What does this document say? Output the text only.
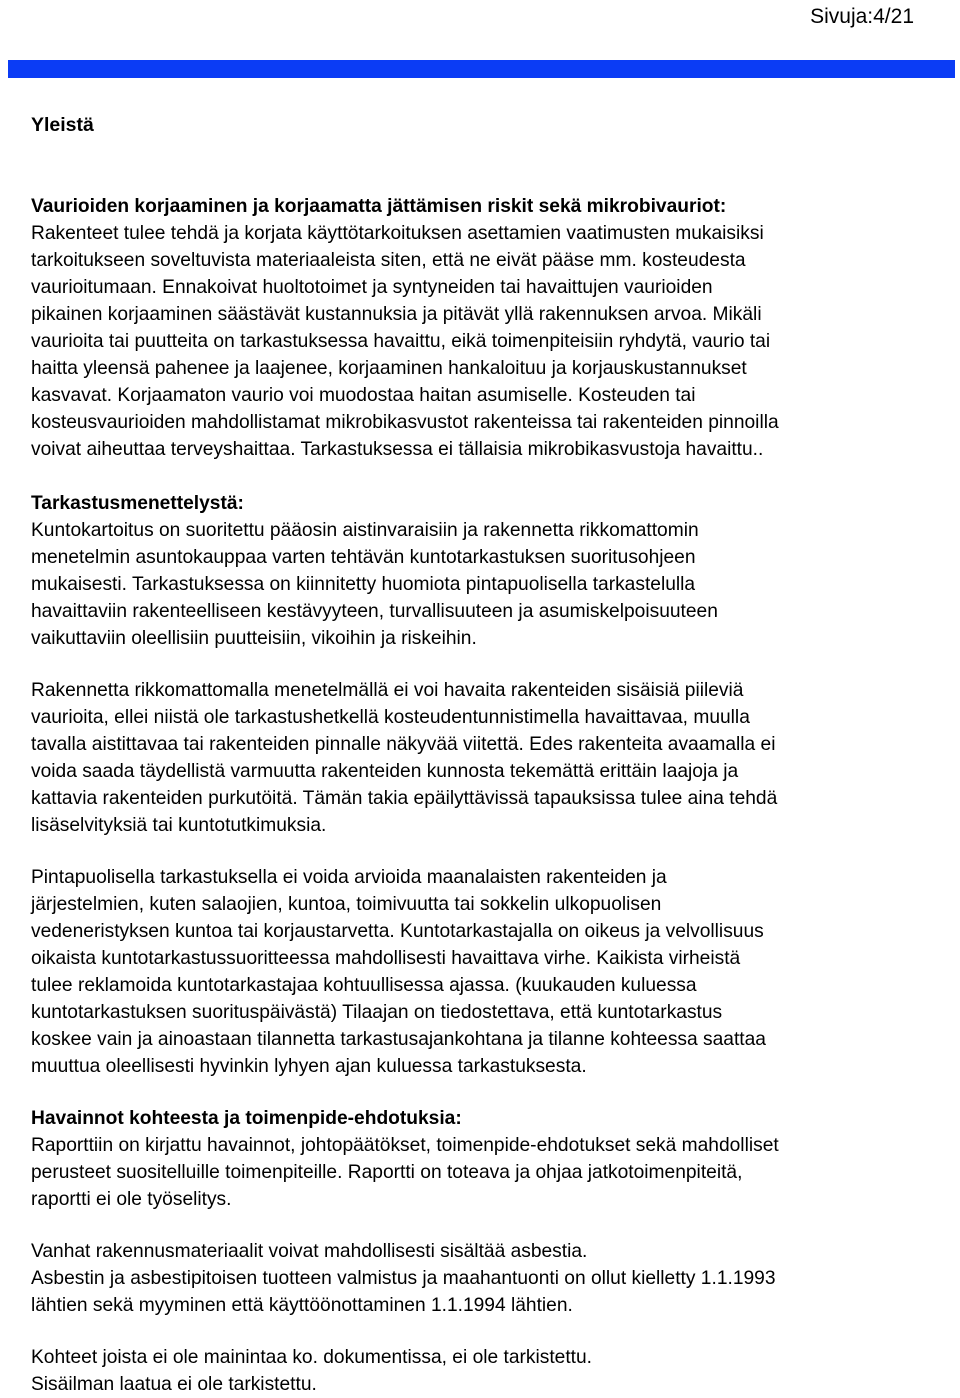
Sivuja:4/21
Yleistä

Vaurioiden korjaaminen ja korjaamatta jättämisen riskit sekä mikrobivauriot:

Rakenteet tulee tehdä ja korjata käyttötarkoituksen asettamien vaatimusten mukaisiksi
tarkoitukseen soveltuvista materiaaleista siten, että ne eivät pääse mm. kosteudesta
vaurioitumaan. Ennakoivat huoltotoimet ja syntyneiden tai havaittujen vaurioiden
pikainen korjaaminen säästävät kustannuksia ja pitävät yllä rakennuksen arvoa. Mikäli
vaurioita tai puutteita on tarkastuksessa havaittu, eikä toimenpiteisiin ryhdytä, vaurio tai
haitta yleensä pahenee ja laajenee, korjaaminen hankaloituu ja korjauskustannukset
kasvavat. Korjaamaton vaurio voi muodostaa haitan asumiselle. Kosteuden tai
kosteusvaurioiden mahdollistamat mikrobikasvustot rakenteissa tai rakenteiden pinnoilla
voivat aiheuttaa terveyshaittaa. Tarkastuksessa ei tällaisia mikrobikasvustoja havaittu..

Tarkastusmenettelystä:

Kuntokartoitus on suoritettu pääosin aistinvaraisiin ja rakennetta rikkomattomin
menetelmin asuntokauppaa varten tehtävän kuntotarkastuksen suoritusohjeen
mukaisesti. Tarkastuksessa on kiinnitetty huomiota pintapuolisella tarkastelulla
havaittaviin rakenteelliseen kestävyyteen, turvallisuuteen ja asumiskelpoisuuteen
vaikuttaviin oleellisiin puutteisiin, vikoihin ja riskeihin.

Rakennetta rikkomattomalla menetelmällä ei voi havaita rakenteiden sisäisiä piileviä
vaurioita, ellei niistä ole tarkastushetkellä kosteudentunnistimella havaittavaa, muulla
tavalla aistittavaa tai rakenteiden pinnalle näkyvää viitettä. Edes rakenteita avaamalla ei
voida saada täydellistä varmuutta rakenteiden kunnosta tekemättä erittäin laajoja ja
kattavia rakenteiden purkutöitä. Tämän takia epäilyttävissä tapauksissa tulee aina tehdä
lisäselvityksiä tai kuntotutkimuksia.

Pintapuolisella tarkastuksella ei voida arvioida maanalaisten rakenteiden ja
järjestelmien, kuten salaojien, kuntoa, toimivuutta tai sokkelin ulkopuolisen
vedeneristyksen kuntoa tai korjaustarvetta. Kuntotarkastajalla on oikeus ja velvollisuus
oikaista kuntotarkastussuoritteessa mahdollisesti havaittava virhe. Kaikista virheistä
tulee reklamoida kuntotarkastajaa kohtuullisessa ajassa. (kuukauden kuluessa
kuntotarkastuksen suorituspäivästä) Tilaajan on tiedostettava, että kuntotarkastus
koskee vain ja ainoastaan tilannetta tarkastusajankohtana ja tilanne kohteessa saattaa
muuttua oleellisesti hyvinkin lyhyen ajan kuluessa tarkastuksesta.

Havainnot kohteesta ja toimenpide-ehdotuksia:

Raporttiin on kirjattu havainnot, johtopäätökset, toimenpide-ehdotukset sekä mahdolliset
perusteet suositelluille toimenpiteille. Raportti on toteava ja ohjaa jatkotoimenpiteitä,
raportti ei ole työselitys.

Vanhat rakennusmateriaalit voivat mahdollisesti sisältää asbestia.
Asbestin ja asbestipitoisen tuotteen valmistus ja maahantuonti on ollut kielletty 1.1.1993
lähtien sekä myyminen että käyttöönottaminen 1.1.1994 lähtien.

Kohteet joista ei ole mainintaa ko. dokumentissa, ei ole tarkistettu.
Sisäilman laatua ei ole tarkistettu.
